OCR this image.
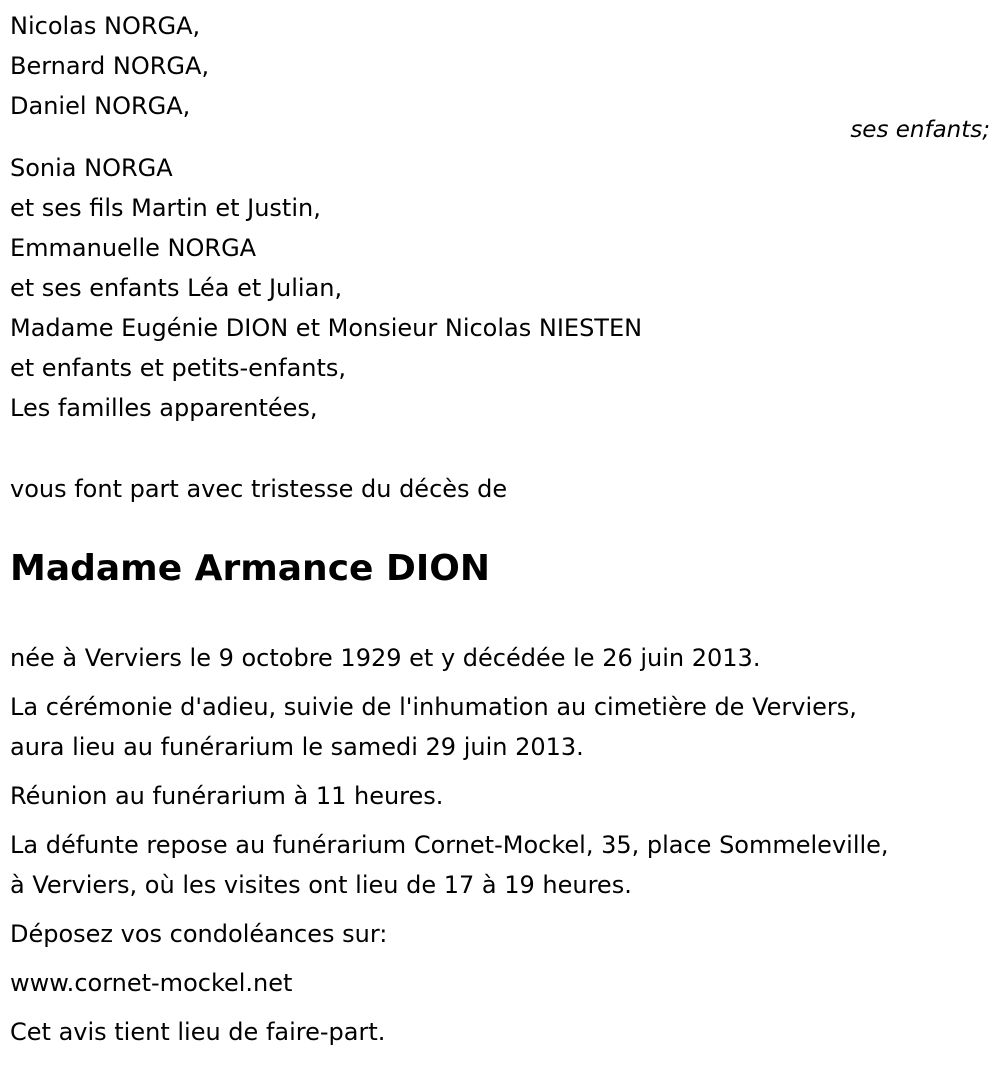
Nicolas NORGA,
Bernard NORGA,
Daniel NORGA,
ses enfants;
Sonia NORGA
et ses fils Martin et Justin,
Emmanuelle NORGA
et ses enfants Léa et Julian,
Madame Eugénie DION et Monsieur Nicolas NIESTEN
et enfants et petits-enfants,
Les familles apparentées,
vous font part avec tristesse du décès de
Madame Armance DION

née à Verviers le 9 octobre 1929 et y décédée le 26 juin 2013.

La cérémonie d'adieu, suivie de l'inhumation au cimetière de Verviers,
aura lieu au funérarium le samedi 29 juin 2013.

Réunion au funérarium à 11 heures.

La défunte repose au funérarium Cornet-Mockel, 35, place Sommeleville,
à Verviers, où les visites ont lieu de 17 à 19 heures.

Déposez vos condoléances sur:

www.cornet-mockel.net

Cet avis tient lieu de faire-part.
